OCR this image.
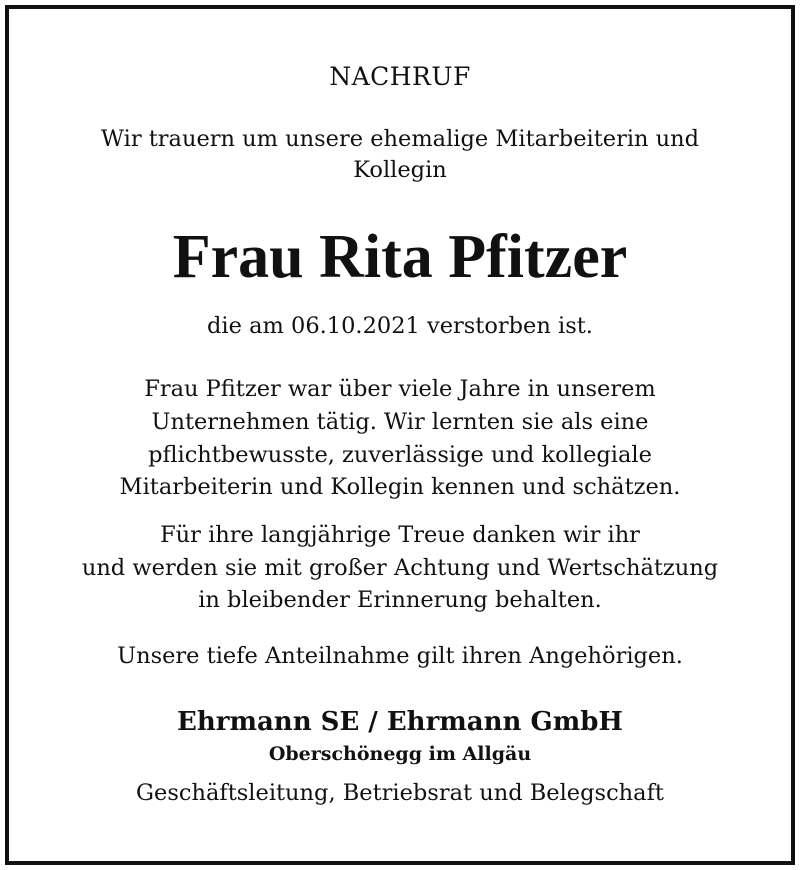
NACHRUF
Wir trauern um unsere ehemalige Mitarbeiterin und
Kollegin
Frau Rita Pfitzer
die am 06.10.2021 verstorben ist.
Frau Pfitzer war über viele Jahre in unserem
Unternehmen tätig. Wir lernten sie als eine
pflichtbewusste, zuverlässige und kollegiale
Mitarbeiterin und Kollegin kennen und schätzen.
Für ihre langjährige Treue danken wir ihr
und werden sie mit großer Achtung und Wertschätzung
in bleibender Erinnerung behalten.
Unsere tiefe Anteilnahme gilt ihren Angehörigen.
Ehrmann SE / Ehrmann GmbH
Oberschönegg im Allgäu
Geschäftsleitung, Betriebsrat und Belegschaft
